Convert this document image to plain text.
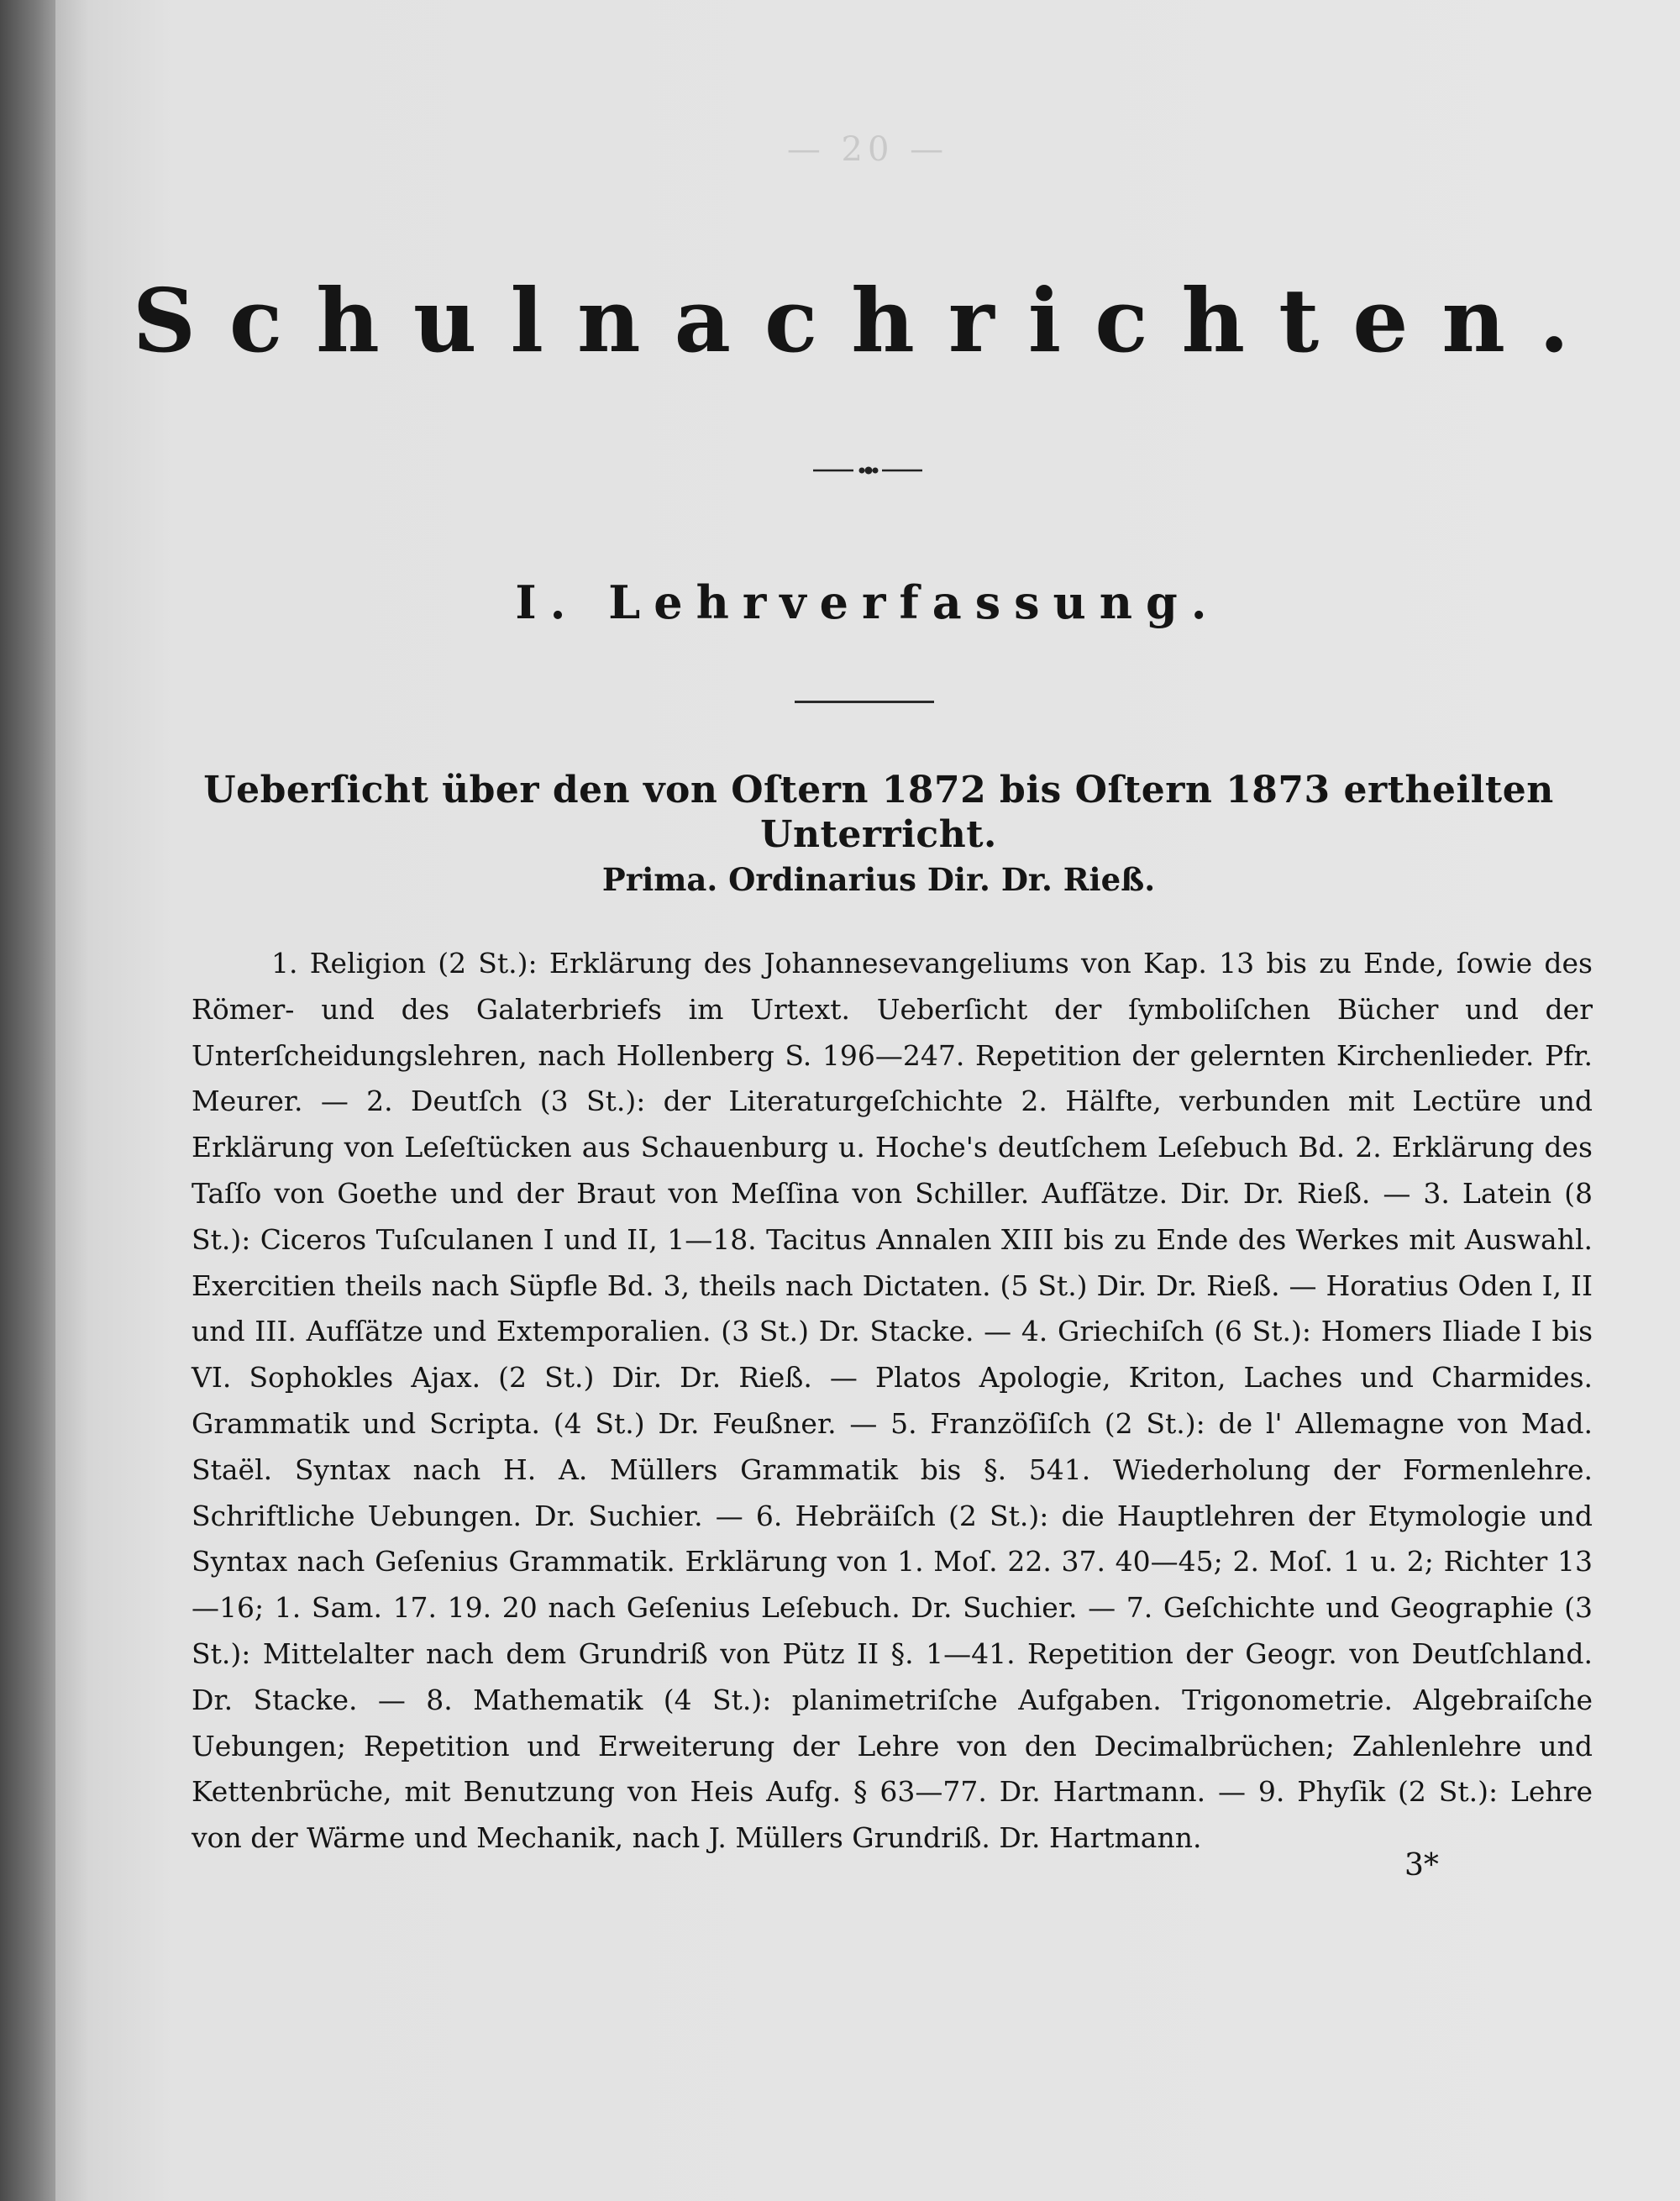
— 20 —
Schulnachrichten.
I. Lehrverfassung.
Ueberſicht über den von Oſtern 1872 bis Oſtern 1873 ertheilten Unterricht.
Prima. Ordinarius Dir. Dr. Rieß.

1. Religion (2 St.): Erklärung des Johannesevangeliums von Kap. 13 bis zu Ende, ſowie des Römer- und des Galaterbriefs im Urtext. Ueberſicht der ſymboliſchen Bücher und der Unterſcheidungslehren, nach Hollenberg S. 196—247. Repetition der gelernten Kirchenlieder. Pfr. Meurer. — 2. Deutſch (3 St.): der Literaturgeſchichte 2. Hälfte, verbunden mit Lectüre und Erklärung von Leſeſtücken aus Schauenburg u. Hoche's deutſchem Leſebuch Bd. 2. Erklärung des Taſſo von Goethe und der Braut von Meſſina von Schiller. Aufſätze. Dir. Dr. Rieß. — 3. Latein (8 St.): Ciceros Tuſculanen I und II, 1—18. Tacitus Annalen XIII bis zu Ende des Werkes mit Auswahl. Exercitien theils nach Süpfle Bd. 3, theils nach Dictaten. (5 St.) Dir. Dr. Rieß. — Horatius Oden I, II und III. Aufſätze und Extemporalien. (3 St.) Dr. Stacke. — 4. Griechiſch (6 St.): Homers Iliade I bis VI. Sophokles Ajax. (2 St.) Dir. Dr. Rieß. — Platos Apologie, Kriton, Laches und Charmides. Grammatik und Scripta. (4 St.) Dr. Feußner. — 5. Franzöſiſch (2 St.): de l' Allemagne von Mad. Staël. Syntax nach H. A. Müllers Grammatik bis §. 541. Wiederholung der Formenlehre. Schriftliche Uebungen. Dr. Suchier. — 6. Hebräiſch (2 St.): die Hauptlehren der Etymologie und Syntax nach Geſenius Grammatik. Erklärung von 1. Moſ. 22. 37. 40—45; 2. Moſ. 1 u. 2; Richter 13—16; 1. Sam. 17. 19. 20 nach Geſenius Leſebuch. Dr. Suchier. — 7. Geſchichte und Geographie (3 St.): Mittelalter nach dem Grundriß von Pütz II §. 1—41. Repetition der Geogr. von Deutſchland. Dr. Stacke. — 8. Mathematik (4 St.): planimetriſche Aufgaben. Trigonometrie. Algebraiſche Uebungen; Repetition und Erweiterung der Lehre von den Decimalbrüchen; Zahlenlehre und Kettenbrüche, mit Benutzung von Heis Aufg. § 63—77. Dr. Hartmann. — 9. Phyſik (2 St.): Lehre von der Wärme und Mechanik, nach J. Müllers Grundriß. Dr. Hartmann.

3*
